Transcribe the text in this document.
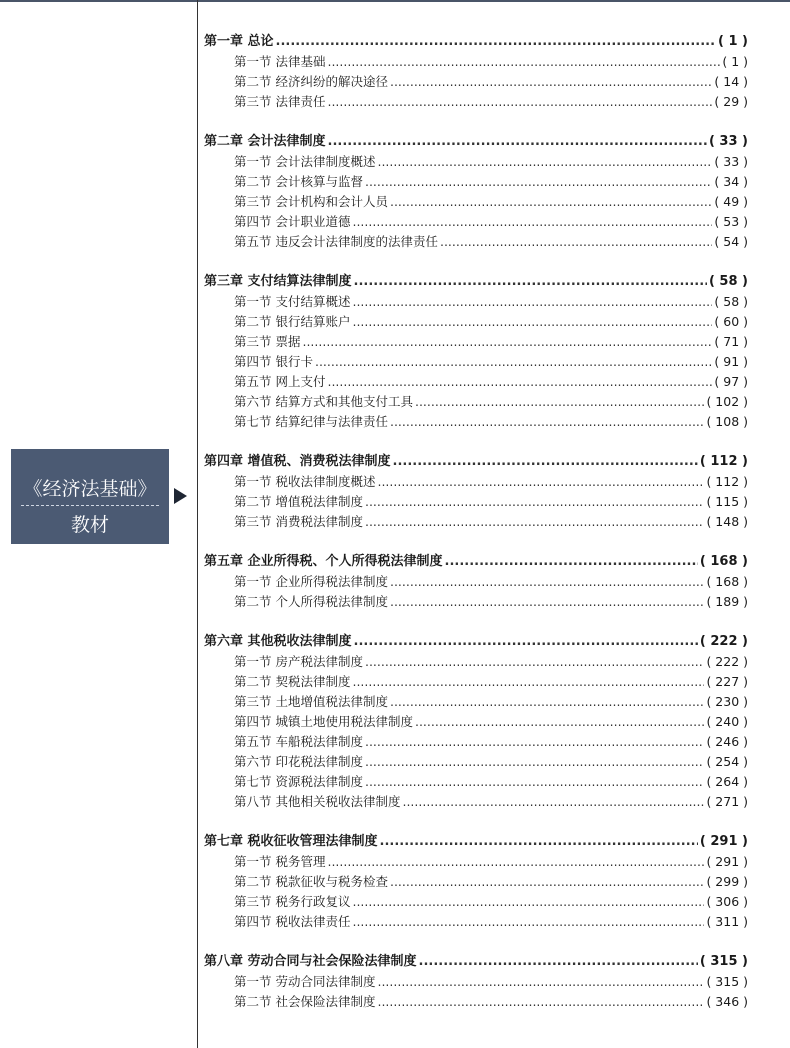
《经济法基础》
教材
第一章 总论 .....	( 1 )
第一节 法律基础 .....	( 1 )
第二节 经济纠纷的解决途径 .....	( 14 )
第三节 法律责任 .....	( 29 )
第二章 会计法律制度 .....	( 33 )
第一节 会计法律制度概述 .....	( 33 )
第二节 会计核算与监督 .....	( 34 )
第三节 会计机构和会计人员 .....	( 49 )
第四节 会计职业道德 .....	( 53 )
第五节 违反会计法律制度的法律责任 .....	( 54 )
第三章 支付结算法律制度 .....	( 58 )
第一节 支付结算概述 .....	( 58 )
第二节 银行结算账户 .....	( 60 )
第三节 票据 .....	( 71 )
第四节 银行卡 .....	( 91 )
第五节 网上支付 .....	( 97 )
第六节 结算方式和其他支付工具 .....	( 102 )
第七节 结算纪律与法律责任 .....	( 108 )
第四章 增值税、消费税法律制度 .....	( 112 )
第一节 税收法律制度概述 .....	( 112 )
第二节 增值税法律制度 .....	( 115 )
第三节 消费税法律制度 .....	( 148 )
第五章 企业所得税、个人所得税法律制度 .....	( 168 )
第一节 企业所得税法律制度 .....	( 168 )
第二节 个人所得税法律制度 .....	( 189 )
第六章 其他税收法律制度 .....	( 222 )
第一节 房产税法律制度 .....	( 222 )
第二节 契税法律制度 .....	( 227 )
第三节 土地增值税法律制度 .....	( 230 )
第四节 城镇土地使用税法律制度 .....	( 240 )
第五节 车船税法律制度 .....	( 246 )
第六节 印花税法律制度 .....	( 254 )
第七节 资源税法律制度 .....	( 264 )
第八节 其他相关税收法律制度 .....	( 271 )
第七章 税收征收管理法律制度 .....	( 291 )
第一节 税务管理 .....	( 291 )
第二节 税款征收与税务检查 .....	( 299 )
第三节 税务行政复议 .....	( 306 )
第四节 税收法律责任 .....	( 311 )
第八章 劳动合同与社会保险法律制度 .....	( 315 )
第一节 劳动合同法律制度 .....	( 315 )
第二节 社会保险法律制度 .....	( 346 )
